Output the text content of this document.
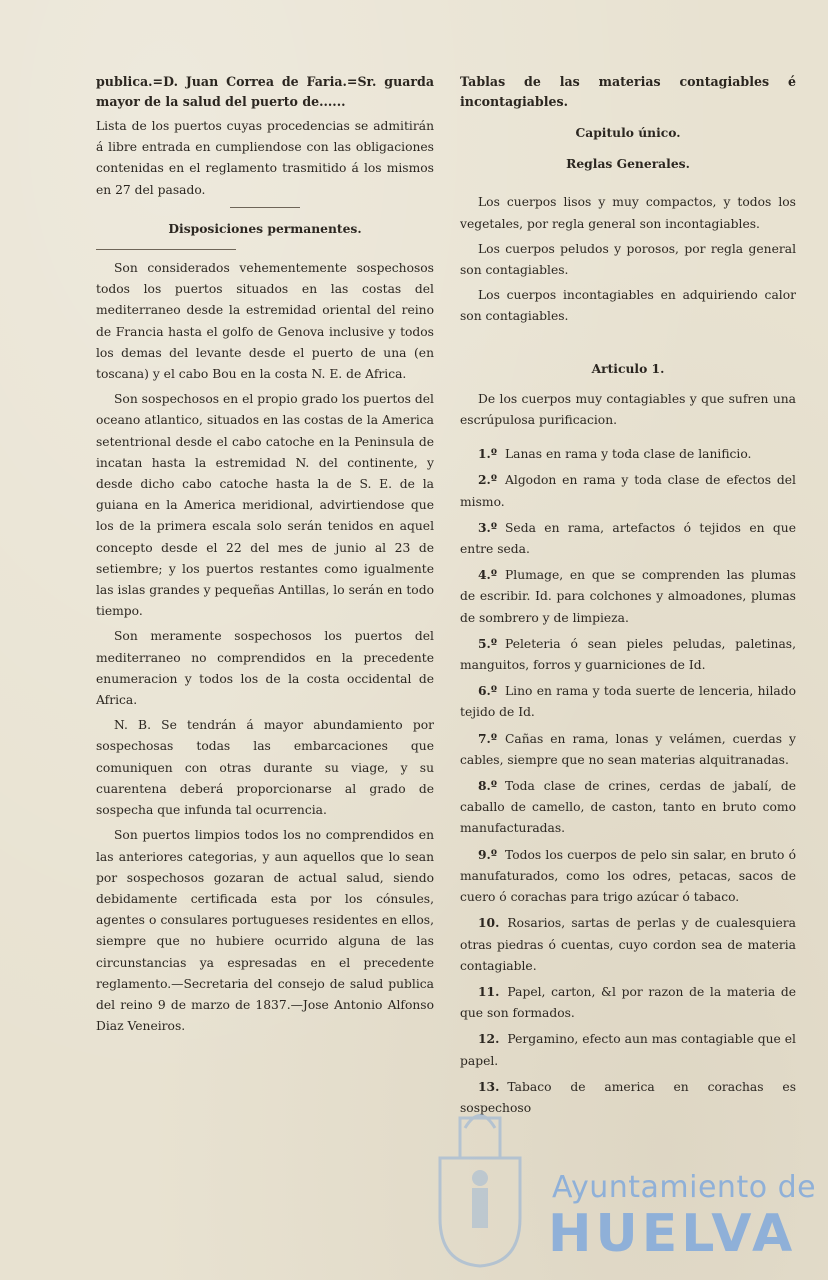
publica.=D. Juan Correa de Faria.=Sr. guarda mayor de la salud del puerto de......

Lista de los puertos cuyas procedencias se admitirán á libre entrada en cumpliendose con las obligaciones contenidas en el reglamento trasmitido á los mismos en 27 del pasado.

Disposiciones permanentes.

Son considerados vehementemente sospechosos todos los puertos situados en las costas del mediterraneo desde la estremidad oriental del reino de Francia hasta el golfo de Genova inclusive y todos los demas del levante desde el puerto de una (en toscana) y el cabo Bou en la costa N. E. de Africa.

Son sospechosos en el propio grado los puertos del oceano atlantico, situados en las costas de la America setentrional desde el cabo catoche en la Peninsula de incatan hasta la estremidad N. del continente, y desde dicho cabo catoche hasta la de S. E. de la guiana en la America meridional, advirtiendose que los de la primera escala solo serán tenidos en aquel concepto desde el 22 del mes de junio al 23 de setiembre; y los puertos restantes como igualmente las islas grandes y pequeñas Antillas, lo serán en todo tiempo.

Son meramente sospechosos los puertos del mediterraneo no comprendidos en la precedente enumeracion y todos los de la costa occidental de Africa.

N. B. Se tendrán á mayor abundamiento por sospechosas todas las embarcaciones que comuniquen con otras durante su viage, y su cuarentena deberá proporcionarse al grado de sospecha que infunda tal ocurrencia.

Son puertos limpios todos los no comprendidos en las anteriores categorias, y aun aquellos que lo sean por sospechosos gozaran de actual salud, siendo debidamente certificada esta por los cónsules, agentes o consulares portugueses residentes en ellos, siempre que no hubiere ocurrido alguna de las circunstancias ya espresadas en el precedente reglamento.—Secretaria del consejo de salud publica del reino 9 de marzo de 1837.—Jose Antonio Alfonso Diaz Veneiros.

Tablas de las materias contagiables é incontagiables.

Capitulo único.
Reglas Generales.

Los cuerpos lisos y muy compactos, y todos los vegetales, por regla general son incontagiables.

Los cuerpos peludos y porosos, por regla general son contagiables.

Los cuerpos incontagiables en adquiriendo calor son contagiables.

Articulo 1.

De los cuerpos muy contagiables y que sufren una escrúpulosa purificacion.

1.º Lanas en rama y toda clase de lanificio.

2.º Algodon en rama y toda clase de efectos del mismo.

3.º Seda en rama, artefactos ó tejidos en que entre seda.

4.º Plumage, en que se comprenden las plumas de escribir. Id. para colchones y almoadones, plumas de sombrero y de limpieza.

5.º Peleteria ó sean pieles peludas, paletinas, manguitos, forros y guarniciones de Id.

6.º Lino en rama y toda suerte de lenceria, hilado tejido de Id.

7.º Cañas en rama, lonas y velámen, cuerdas y cables, siempre que no sean materias alquitranadas.

8.º Toda clase de crines, cerdas de jabalí, de caballo de camello, de caston, tanto en bruto como manufacturadas.

9.º Todos los cuerpos de pelo sin salar, en bruto ó manufaturados, como los odres, petacas, sacos de cuero ó corachas para trigo azúcar ó tabaco.

10. Rosarios, sartas de perlas y de cualesquiera otras piedras ó cuentas, cuyo cordon sea de materia contagiable.

11. Papel, carton, &l por razon de la materia de que son formados.

12. Pergamino, efecto aun mas contagiable que el papel.

13. Tabaco de america en corachas es sospechoso

Ayuntamiento de
HUELVA
